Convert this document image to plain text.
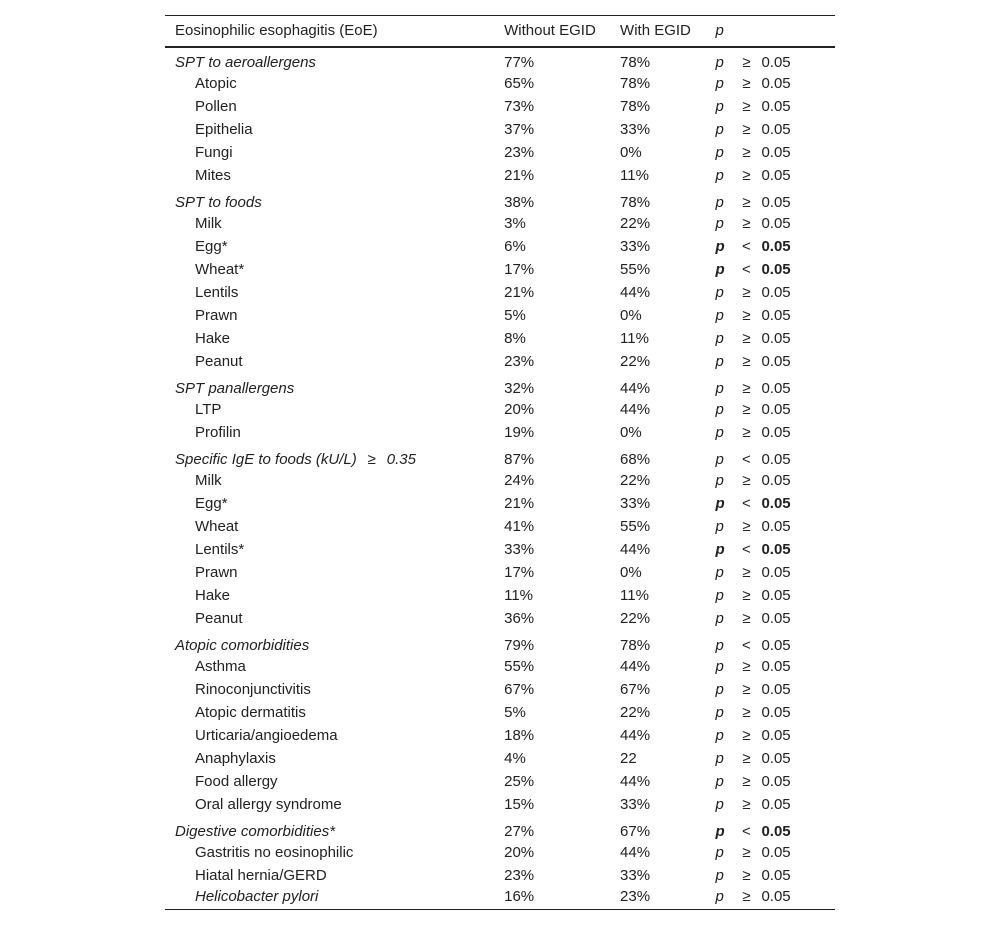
Eosinophilic esophagitis (EoE)	Without EGID	With EGID	p
SPT to aeroallergens	77%	78%	p ≥ 0.05
Atopic	65%	78%	p ≥ 0.05
Pollen	73%	78%	p ≥ 0.05
Epithelia	37%	33%	p ≥ 0.05
Fungi	23%	0%	p ≥ 0.05
Mites	21%	11%	p ≥ 0.05
SPT to foods	38%	78%	p ≥ 0.05
Milk	3%	22%	p ≥ 0.05
Egg*	6%	33%	p < 0.05
Wheat*	17%	55%	p < 0.05
Lentils	21%	44%	p ≥ 0.05
Prawn	5%	0%	p ≥ 0.05
Hake	8%	11%	p ≥ 0.05
Peanut	23%	22%	p ≥ 0.05
SPT panallergens	32%	44%	p ≥ 0.05
LTP	20%	44%	p ≥ 0.05
Profilin	19%	0%	p ≥ 0.05
Specific IgE to foods (kU/L) ≥ 0.35	87%	68%	p < 0.05
Milk	24%	22%	p ≥ 0.05
Egg*	21%	33%	p < 0.05
Wheat	41%	55%	p ≥ 0.05
Lentils*	33%	44%	p < 0.05
Prawn	17%	0%	p ≥ 0.05
Hake	11%	11%	p ≥ 0.05
Peanut	36%	22%	p ≥ 0.05
Atopic comorbidities	79%	78%	p < 0.05
Asthma	55%	44%	p ≥ 0.05
Rinoconjunctivitis	67%	67%	p ≥ 0.05
Atopic dermatitis	5%	22%	p ≥ 0.05
Urticaria/angioedema	18%	44%	p ≥ 0.05
Anaphylaxis	4%	22	p ≥ 0.05
Food allergy	25%	44%	p ≥ 0.05
Oral allergy syndrome	15%	33%	p ≥ 0.05
Digestive comorbidities*	27%	67%	p < 0.05
Gastritis no eosinophilic	20%	44%	p ≥ 0.05
Hiatal hernia/GERD	23%	33%	p ≥ 0.05
Helicobacter pylori	16%	23%	p ≥ 0.05
